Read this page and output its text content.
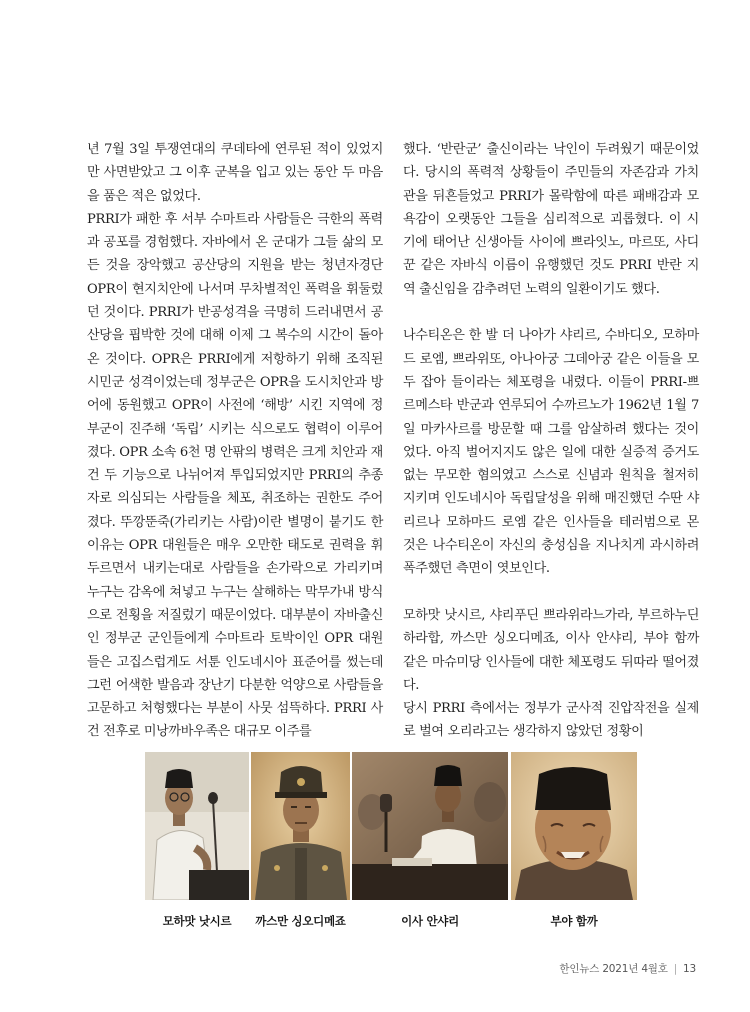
년 7월 3일 투쟁연대의 쿠데타에 연루된 적이 있었지만 사면받았고 그 이후 군복을 입고 있는 동안 두 마음을 품은 적은 없었다.

PRRI가 패한 후 서부 수마트라 사람들은 극한의 폭력과 공포를 경험했다. 자바에서 온 군대가 그들 삶의 모든 것을 장악했고 공산당의 지원을 받는 청년자경단 OPR이 현지치안에 나서며 무차별적인 폭력을 휘둘렀던 것이다. PRRI가 반공성격을 극명히 드러내면서 공산당을 핍박한 것에 대해 이제 그 복수의 시간이 돌아온 것이다. OPR은 PRRI에게 저항하기 위해 조직된 시민군 성격이었는데 정부군은 OPR을 도시치안과 방어에 동원했고 OPR이 사전에 ‘해방’ 시킨 지역에 정부군이 진주해 ‘독립’ 시키는 식으로도 협력이 이루어졌다. OPR 소속 6천 명 안팎의 병력은 크게 치안과 재건 두 기능으로 나뉘어져 투입되었지만 PRRI의 추종자로 의심되는 사람들을 체포, 취조하는 권한도 주어졌다. 뚜깡뚠죽(가리키는 사람)이란 별명이 붙기도 한 이유는 OPR 대원들은 매우 오만한 태도로 권력을 휘두르면서 내키는대로 사람들을 손가락으로 가리키며 누구는 감옥에 쳐넣고 누구는 살해하는 막무가내 방식으로 전횡을 저질렀기 때문이었다. 대부분이 자바출신인 정부군 군인들에게 수마트라 토박이인 OPR 대원들은 고집스럽게도 서툰 인도네시아 표준어를 썼는데 그런 어색한 발음과 장난기 다분한 억양으로 사람들을 고문하고 처형했다는 부분이 사뭇 섬뜩하다. PRRI 사건 전후로 미낭까바우족은 대규모 이주를

했다. ‘반란군’ 출신이라는 낙인이 두려웠기 때문이었다. 당시의 폭력적 상황들이 주민들의 자존감과 가치관을 뒤흔들었고 PRRI가 몰락함에 따른 패배감과 모욕감이 오랫동안 그들을 심리적으로 괴롭혔다. 이 시기에 태어난 신생아들 사이에 쁘라잇노, 마르또, 사디꾼 같은 자바식 이름이 유행했던 것도 PRRI 반란 지역 출신임을 감추려던 노력의 일환이기도 했다.

나수티온은 한 발 더 나아가 샤리르, 수바디오, 모하마드 로엠, 쁘라위또, 아나아궁 그데아궁 같은 이들을 모두 잡아 들이라는 체포령을 내렸다. 이들이 PRRI-쁘르메스타 반군과 연루되어 수까르노가 1962년 1월 7일 마카사르를 방문할 때 그를 암살하려 했다는 것이었다. 아직 벌어지지도 않은 일에 대한 실증적 증거도 없는 무모한 혐의였고 스스로 신념과 원칙을 철저히 지키며 인도네시아 독립달성을 위해 매진했던 수딴 샤리르나 모하마드 로엠 같은 인사들을 테러범으로 몬 것은 나수티온이 자신의 충성심을 지나치게 과시하려 폭주했던 측면이 엿보인다.

모하맛 낫시르, 샤리푸딘 쁘라위라느가라, 부르하누딘 하라합, 까스만 싱오디메죠, 이사 안샤리, 부야 함까 같은 마슈미당 인사들에 대한 체포령도 뒤따라 떨어졌다.

당시 PRRI 측에서는 정부가 군사적 진압작전을 실제로 벌여 오리라고는 생각하지 않았던 정황이

모하맛 낫시르	까스만 싱오디메죠	이사 안샤리	부야 함까
한인뉴스 2021년 4월호 | 13
